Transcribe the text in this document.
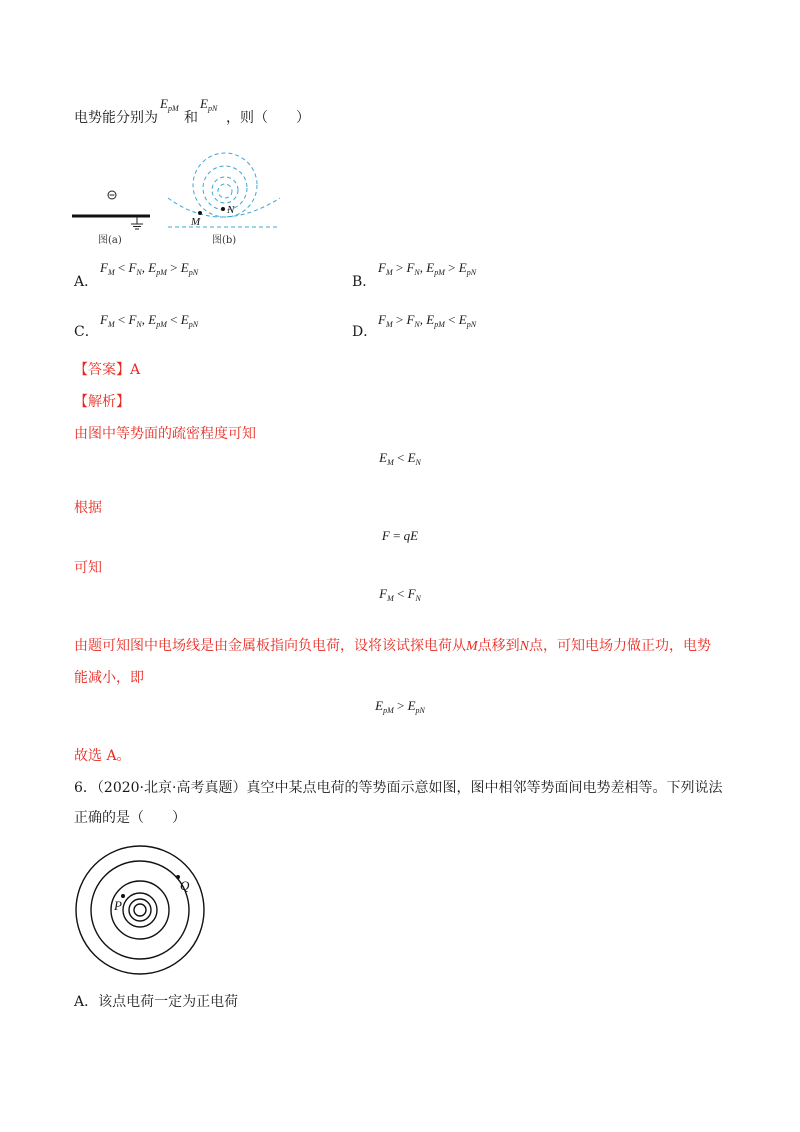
电势能分别为
$E_{pM}$
和
$E_{pN}$
，则（　　）
M
N
图(a)	图(b)
A．
$F_M < F_N$, $E_{pM} > E_{pN}$
B．
$F_M > F_N$, $E_{pM} > E_{pN}$
C．
$F_M < F_N$, $E_{pM} < E_{pN}$	D．
$F_M > F_N$, $E_{pM} < E_{pN}$
【答案】A
【解析】
由图中等势面的疏密程度可知
$E_M < E_N$
根据
F = qE
可知
$F_M < F_N$
由题可知图中电场线是由金属板指向负电荷，设将该试探电荷从M点移到N点，可知电场力做正功，电势
能减小，即
$E_{pM} > E_{pN}$
故选 A。
6．（2020·北京·高考真题）真空中某点电荷的等势面示意如图，图中相邻等势面间电势差相等。下列说法
正确的是（　　）
P
Q
A．该点电荷一定为正电荷
